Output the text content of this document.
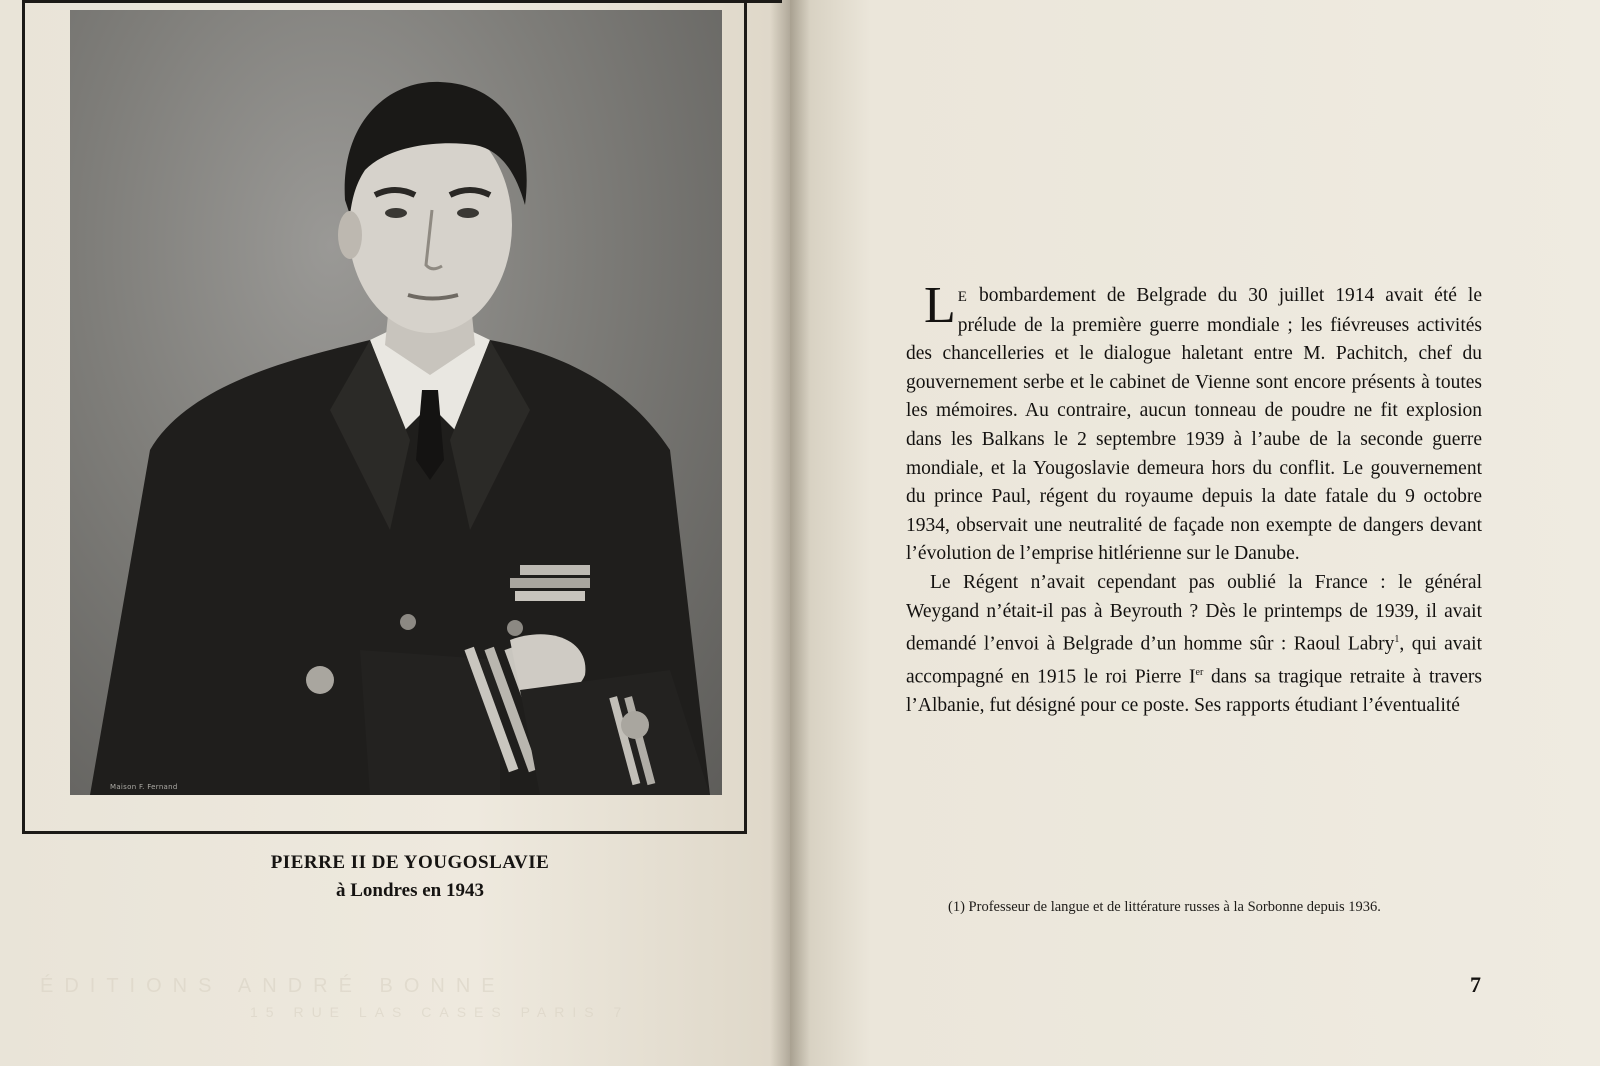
Maison F. Fernand
PIERRE II DE YOUGOSLAVIE
à Londres en 1943
ÉDITIONS ANDRÉ BONNE
15 RUE LAS CASES PARIS 7

L E bombardement de Belgrade du 30 juillet 1914 avait été le prélude de la première guerre mondiale ; les fiévreuses activités des chancelleries et le dialogue haletant entre M. Pachitch, chef du gouvernement serbe et le cabinet de Vienne sont encore présents à toutes les mémoires. Au contraire, aucun tonneau de poudre ne fit explosion dans les Balkans le 2 septembre 1939 à l’aube de la seconde guerre mondiale, et la Yougoslavie demeura hors du conflit. Le gouvernement du prince Paul, régent du royaume depuis la date fatale du 9 octobre 1934, observait une neutralité de façade non exempte de dangers devant l’évolution de l’emprise hitlérienne sur le Danube.

Le Régent n’avait cependant pas oublié la France : le général Weygand n’était-il pas à Beyrouth ? Dès le printemps de 1939, il avait demandé l’envoi à Belgrade d’un homme sûr : Raoul Labry$^1$, qui avait accompagné en 1915 le roi Pierre Ier dans sa tragique retraite à travers l’Albanie, fut désigné pour ce poste. Ses rapports étudiant l’éventualité

(1) Professeur de langue et de littérature russes à la Sorbonne depuis 1936.
7
